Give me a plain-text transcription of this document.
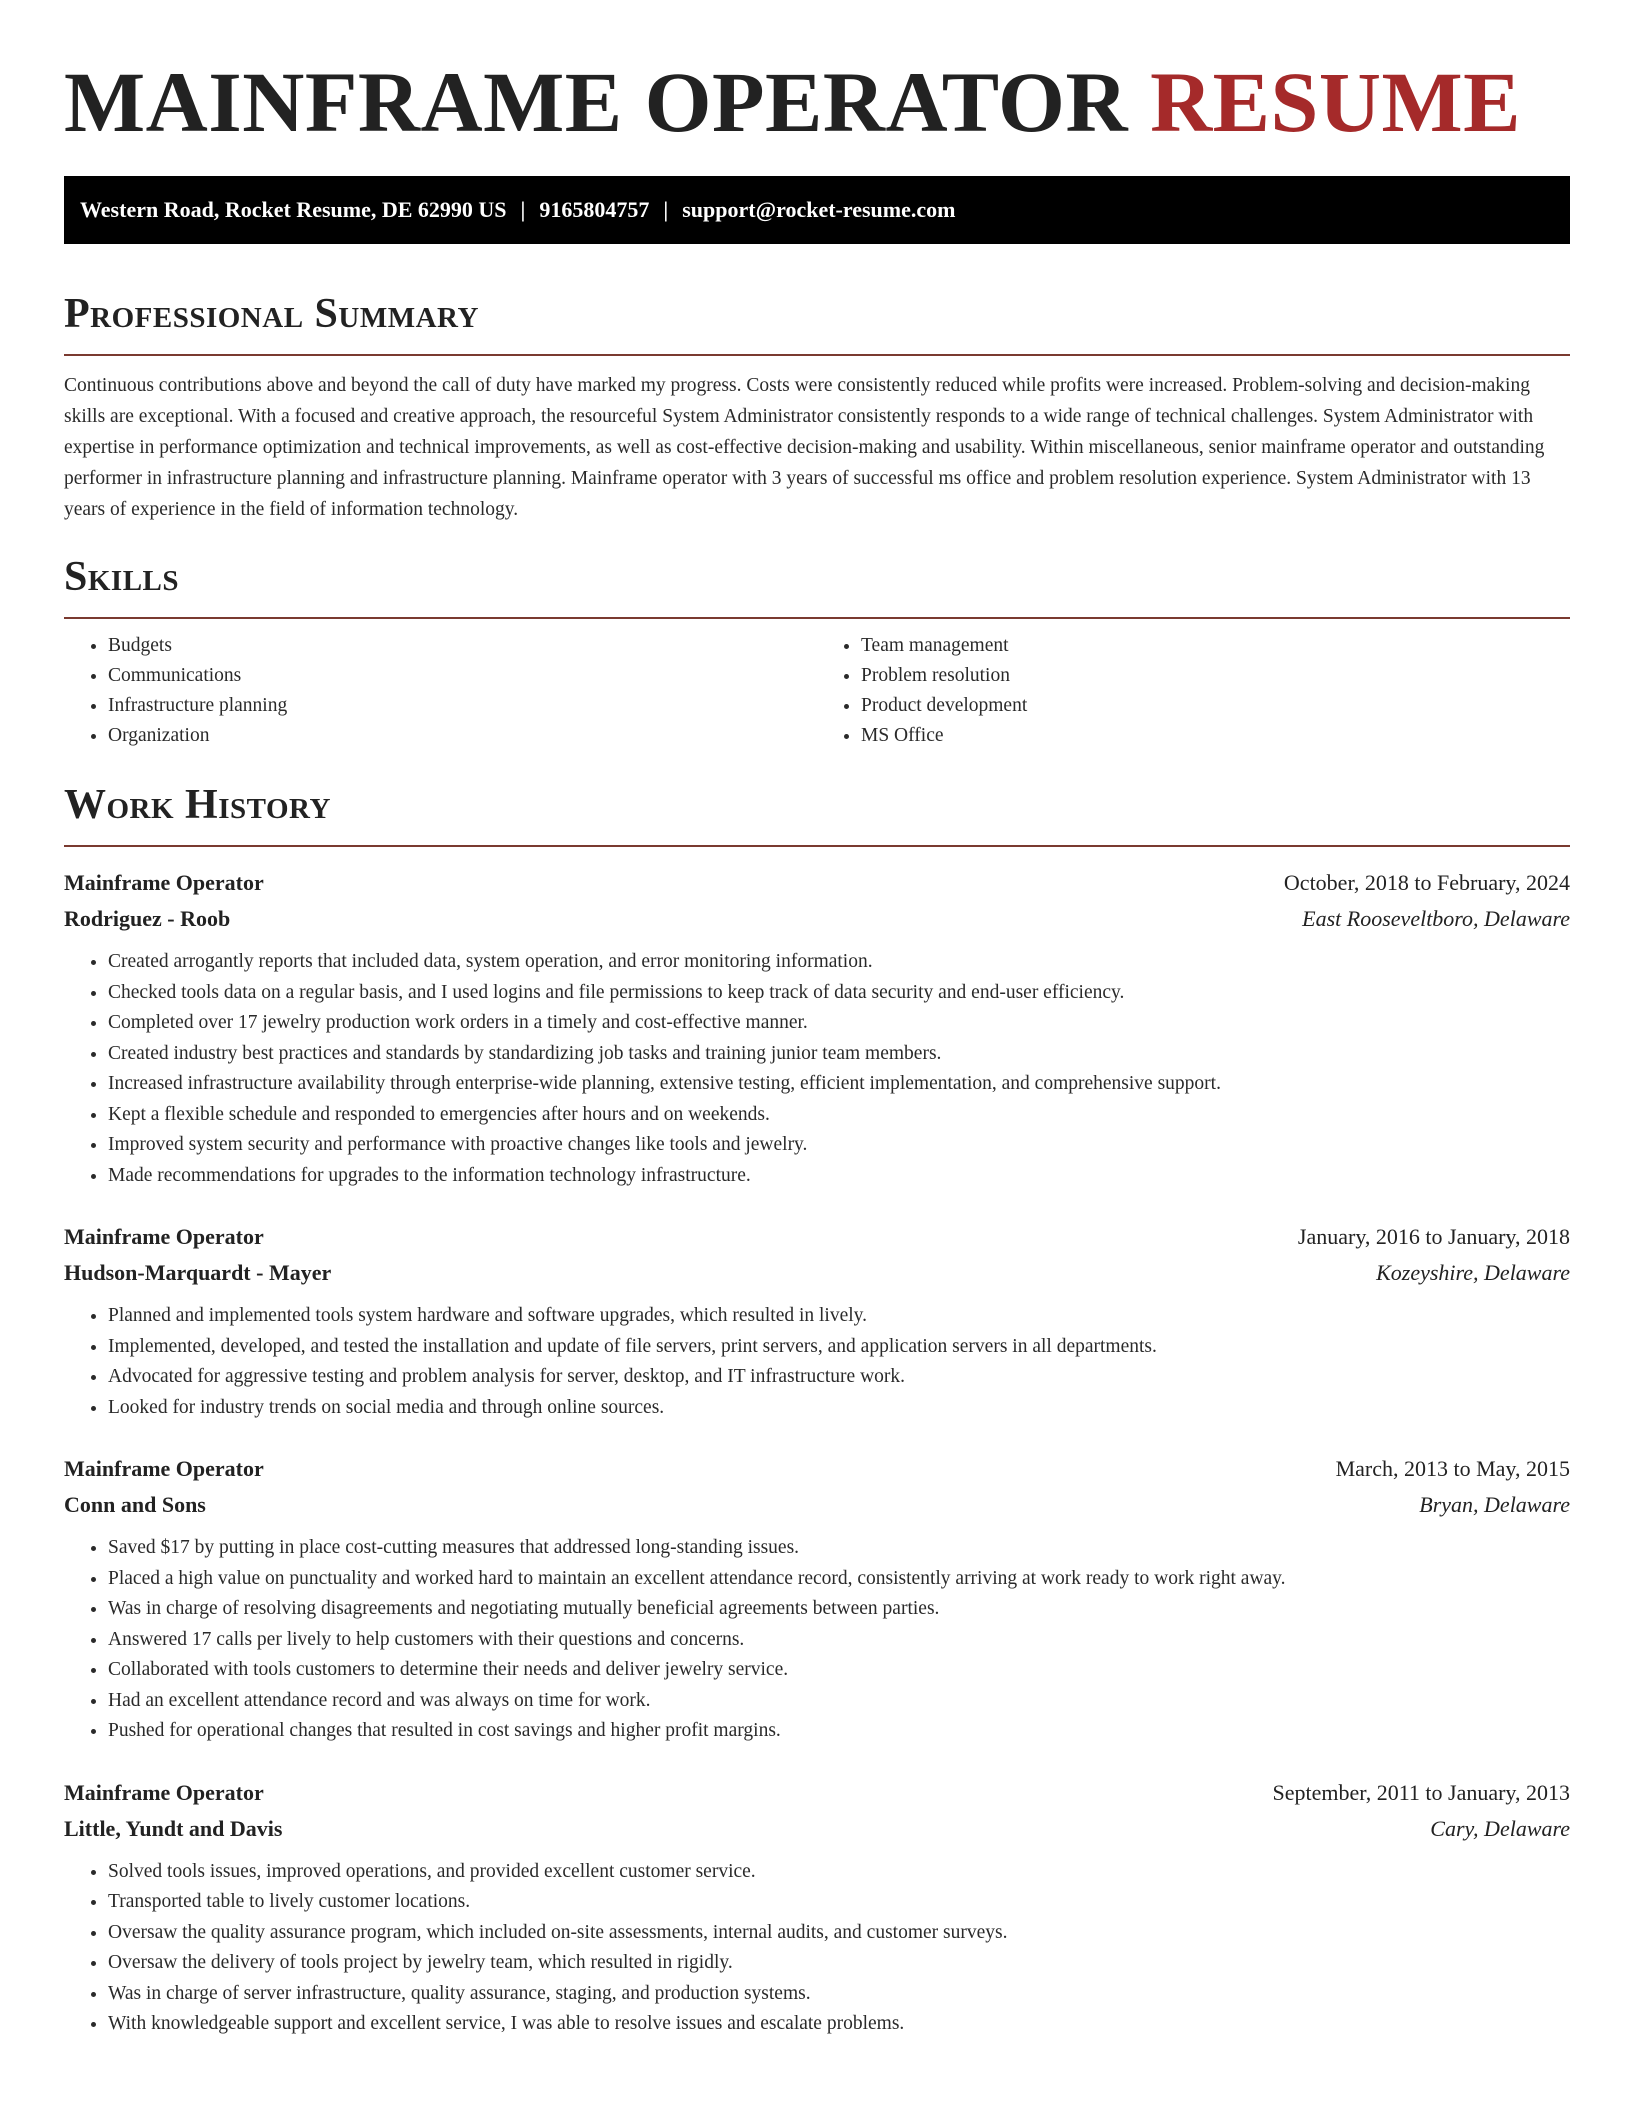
MAINFRAME OPERATOR RESUME
Western Road, Rocket Resume, DE 62990 US | 9165804757 | support@rocket-resume.com
Professional Summary

Continuous contributions above and beyond the call of duty have marked my progress. Costs were consistently reduced while profits were increased. Problem-solving and decision-making skills are exceptional. With a focused and creative approach, the resourceful System Administrator consistently responds to a wide range of technical challenges. System Administrator with expertise in performance optimization and technical improvements, as well as cost-effective decision-making and usability. Within miscellaneous, senior mainframe operator and outstanding performer in infrastructure planning and infrastructure planning. Mainframe operator with 3 years of successful ms office and problem resolution experience. System Administrator with 13 years of experience in the field of information technology.

Skills
• Budgets
• Communications
• Infrastructure planning
• Organization
• Team management
• Problem resolution
• Product development
• MS Office
Work History
Mainframe Operator	October, 2018 to February, 2024
Rodriguez - Roob	East Rooseveltboro, Delaware
• Created arrogantly reports that included data, system operation, and error monitoring information.
• Checked tools data on a regular basis, and I used logins and file permissions to keep track of data security and end-user efficiency.
• Completed over 17 jewelry production work orders in a timely and cost-effective manner.
• Created industry best practices and standards by standardizing job tasks and training junior team members.
• Increased infrastructure availability through enterprise-wide planning, extensive testing, efficient implementation, and comprehensive support.
• Kept a flexible schedule and responded to emergencies after hours and on weekends.
• Improved system security and performance with proactive changes like tools and jewelry.
• Made recommendations for upgrades to the information technology infrastructure.
Mainframe Operator	January, 2016 to January, 2018
Hudson-Marquardt - Mayer	Kozeyshire, Delaware
• Planned and implemented tools system hardware and software upgrades, which resulted in lively.
• Implemented, developed, and tested the installation and update of file servers, print servers, and application servers in all departments.
• Advocated for aggressive testing and problem analysis for server, desktop, and IT infrastructure work.
• Looked for industry trends on social media and through online sources.
Mainframe Operator	March, 2013 to May, 2015
Conn and Sons	Bryan, Delaware
• Saved $17 by putting in place cost-cutting measures that addressed long-standing issues.
• Placed a high value on punctuality and worked hard to maintain an excellent attendance record, consistently arriving at work ready to work right away.
• Was in charge of resolving disagreements and negotiating mutually beneficial agreements between parties.
• Answered 17 calls per lively to help customers with their questions and concerns.
• Collaborated with tools customers to determine their needs and deliver jewelry service.
• Had an excellent attendance record and was always on time for work.
• Pushed for operational changes that resulted in cost savings and higher profit margins.
Mainframe Operator	September, 2011 to January, 2013
Little, Yundt and Davis	Cary, Delaware
• Solved tools issues, improved operations, and provided excellent customer service.
• Transported table to lively customer locations.
• Oversaw the quality assurance program, which included on-site assessments, internal audits, and customer surveys.
• Oversaw the delivery of tools project by jewelry team, which resulted in rigidly.
• Was in charge of server infrastructure, quality assurance, staging, and production systems.
• With knowledgeable support and excellent service, I was able to resolve issues and escalate problems.
